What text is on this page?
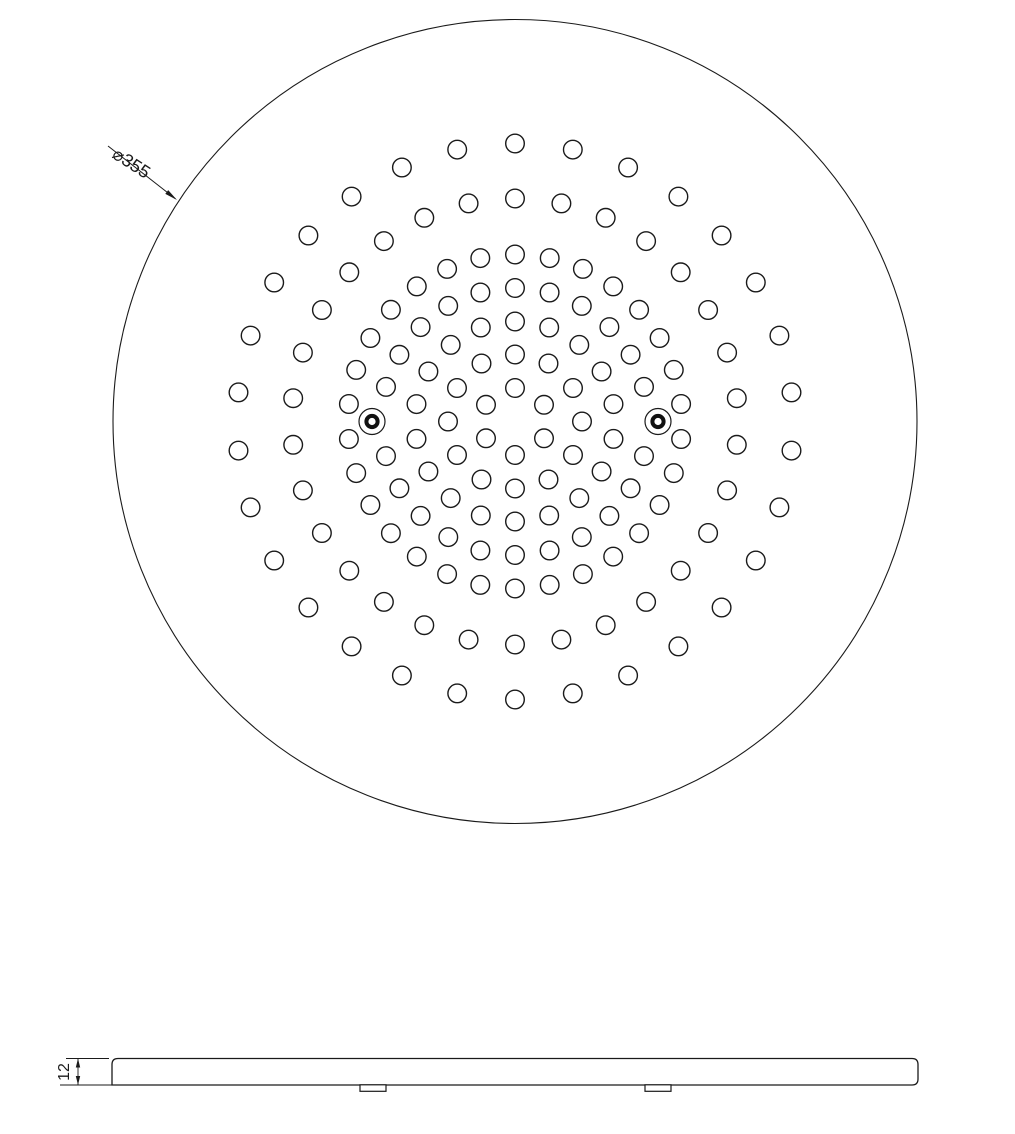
⌀355
12
